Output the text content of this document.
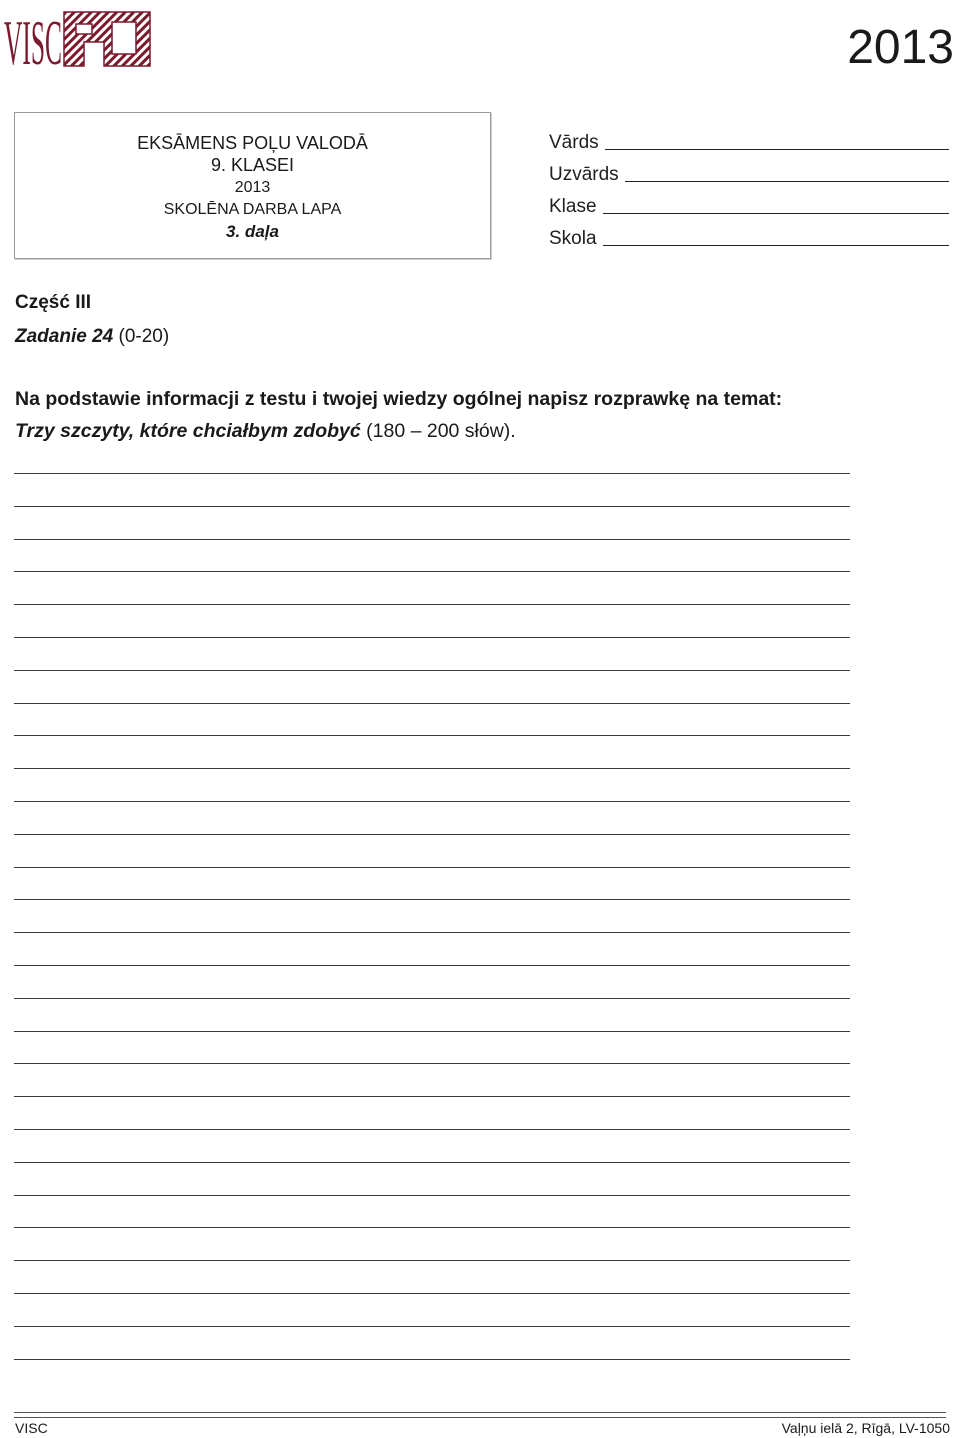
VISC	2013
EKSĀMENS POĻU VALODĀ
9. KLASEI
2013
SKOLĒNA DARBA LAPA
3. daļa
Vārds
Uzvārds
Klase
Skola
Część III
Zadanie 24 (0-20)
Na podstawie informacji z testu i twojej wiedzy ogólnej napisz rozprawkę na temat:
Trzy szczyty, które chciałbym zdobyć (180 – 200 słów).
VISC	Vaļņu ielā 2, Rīgā, LV-1050
